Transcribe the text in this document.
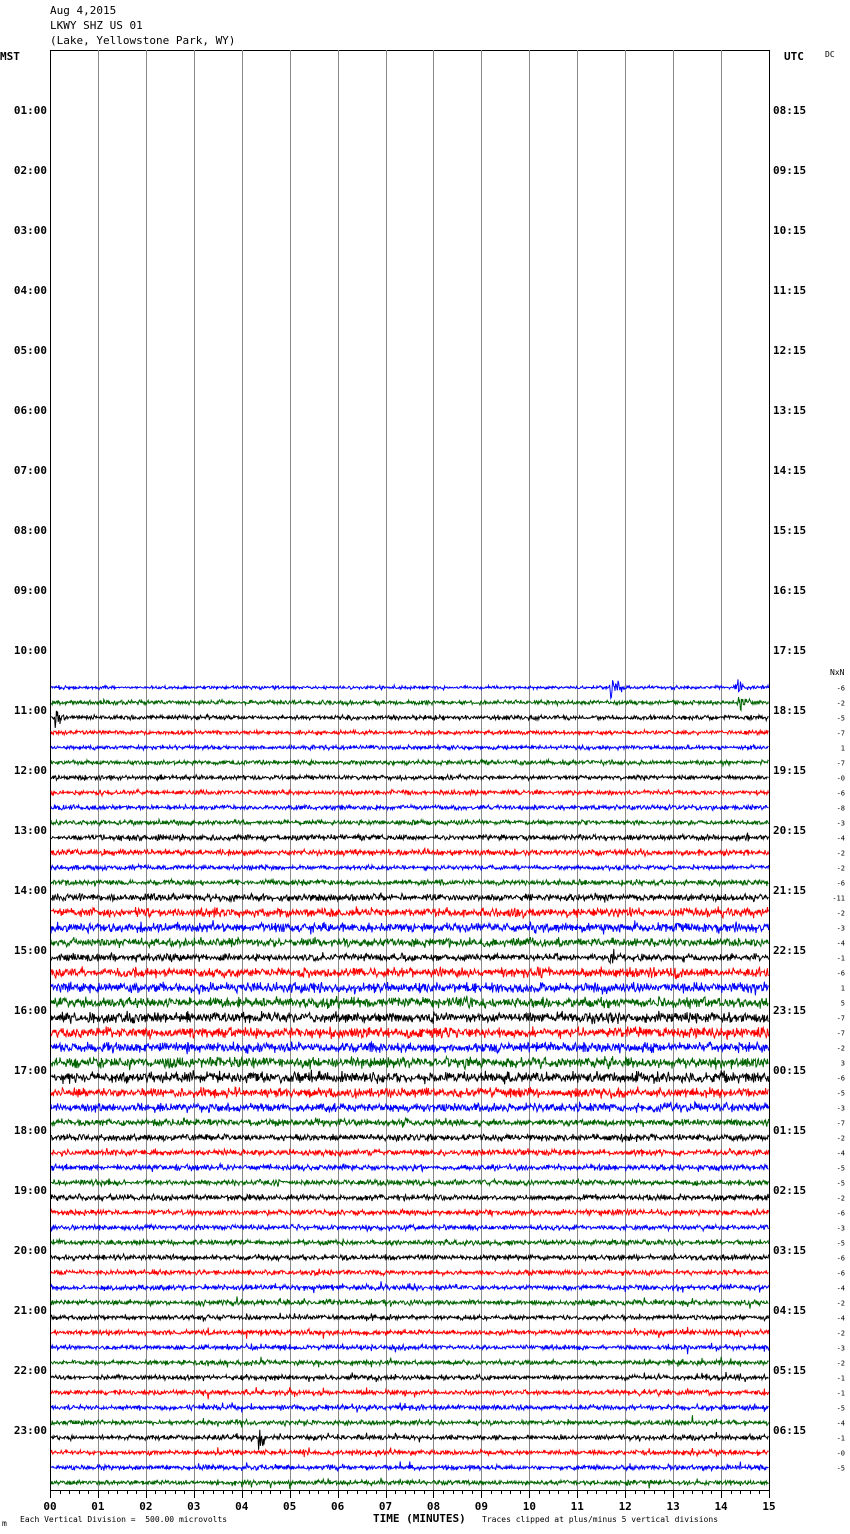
00	01	02	03	04	05	06	07	08	09	10	11	12	13	14	15
01:00
02:00
03:00
04:00
05:00
06:00
07:00
08:00
09:00
10:00
11:00
12:00
13:00
14:00
15:00
16:00
17:00
18:00
19:00
20:00
21:00
22:00
23:00
08:15
09:15
10:15
11:15
12:15
13:15
14:15
15:15
16:15
17:15
18:15
19:15
20:15
21:15
22:15
23:15
00:15
01:15
02:15
03:15
04:15
05:15
06:15
-6
-2
-5
-7
1
-7
-0
-6
-8
-3
-4
-2
-2
-6
-11
-2
-3
-4
-1
-6
1
5
-7
-7
-2
3
-6
-5
-3
-7
-2
-4
-5
-5
-2
-6
-3
-5
-6
-6
-4
-2
-4
-2
-3
-2
-1
-1
-5
-4
-1
-0
-5
Aug 4,2015
LKWY SHZ US 01
(Lake, Yellowstone Park, WY)
MST	UTC	DC
NxN
m Each Vertical Division =  500.00 microvolts	TIME (MINUTES) Traces clipped at plus/minus 5 vertical divisions
